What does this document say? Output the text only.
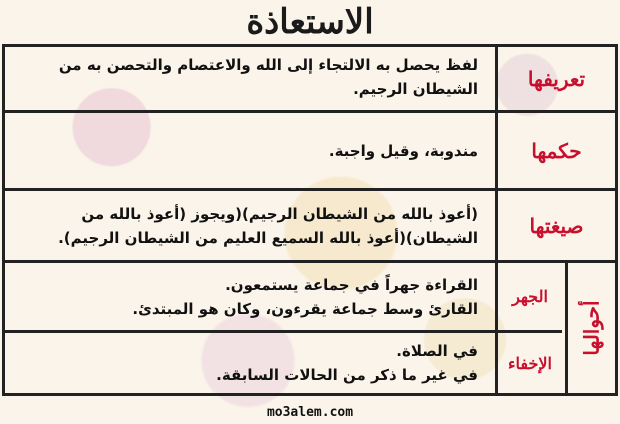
الاستعاذة
تعريفها
لفظ يحصل به الالتجاء إلى الله والاعتصام والتحصن به من
الشيطان الرجيم.
حكمها
مندوبة، وقيل واجبة.
صيغتها
(أعوذ بالله من الشيطان الرجيم)(ويجوز (أعوذ بالله من
الشيطان)(أعوذ بالله السميع العليم من الشيطان الرجيم).
أحوالها
الجهر
القراءة جهراً في جماعة يستمعون.
القارئ وسط جماعة يقرءون، وكان هو المبتدئ.
الإخفاء
في الصلاة.
في غير ما ذكر من الحالات السابقة.
mo3alem.com
